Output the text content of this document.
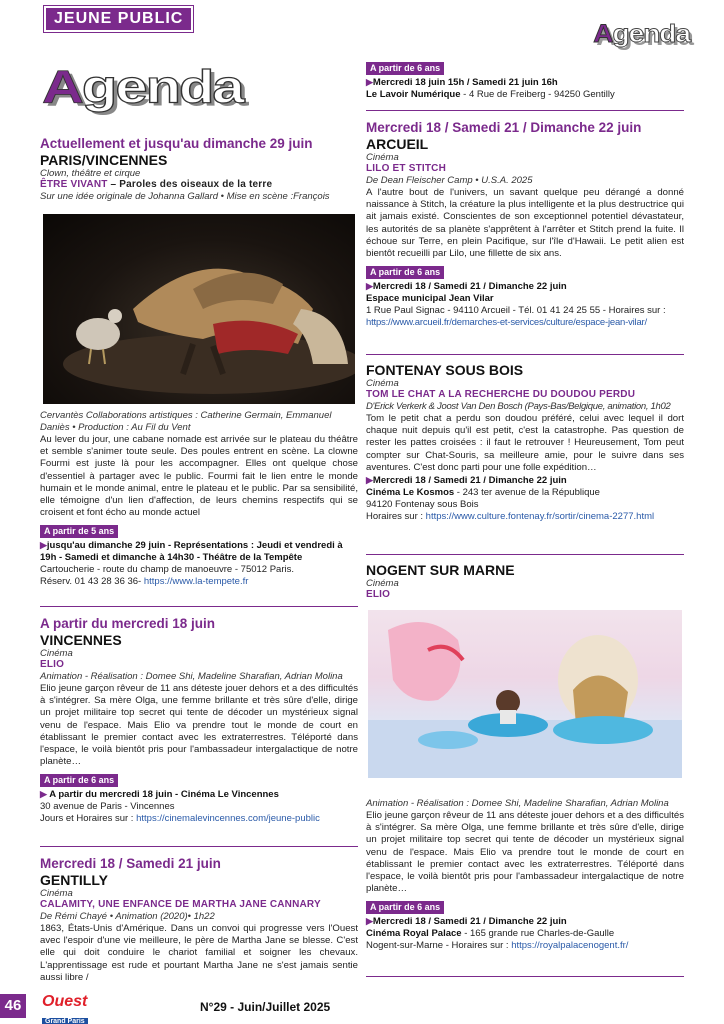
JEUNE PUBLIC
Agenda
Agenda
Actuellement et jusqu'au dimanche 29 juin
PARIS/VINCENNES
Clown, théâtre et cirque
ÊTRE VIVANT – Paroles des oiseaux de la terre
Sur une idée originale de Johanna Gallard • Mise en scène :François
Cervantès Collaborations artistiques : Catherine Germain, Emmanuel Daniès • Production : Au Fil du Vent
Au lever du jour, une cabane nomade est arrivée sur le plateau du théâtre et semble s'animer toute seule. Des poules entrent en scène. La clowne Fourmi est juste là pour les accompagner. Elles ont quelque chose d'essentiel à partager avec le public. Fourmi fait le lien entre le monde humain et le monde animal, entre le plateau et le public. Par sa sensibilité, elle témoigne d'un lien d'affection, de leurs chemins respectifs qui se croisent et font écho au monde actuel
A partir de 5 ans
▶jusqu'au dimanche 29 juin - Représentations : Jeudi et vendredi à 19h - Samedi et dimanche à 14h30 - Théâtre de la Tempête
Cartoucherie - route du champ de manoeuvre - 75012 Paris.
Réserv. 01 43 28 36 36- https://www.la-tempete.fr
A partir du mercredi 18 juin
VINCENNES
Cinéma
ELIO
Animation - Réalisation : Domee Shi, Madeline Sharafian, Adrian Molina
Elio jeune garçon rêveur de 11 ans déteste jouer dehors et a des difficultés à s'intégrer. Sa mère Olga, une femme brillante et très sûre d'elle, dirige un projet militaire top secret qui tente de décoder un mystérieux signal venu de l'espace. Mais Elio va prendre tout le monde de court en établissant le premier contact avec les extraterrestres. Téléporté dans l'espace, le voilà bientôt pris pour l'ambassadeur intergalactique de notre planète…
A partir de 6 ans
▶ A partir du mercredi 18 juin - Cinéma Le Vincennes
30 avenue de Paris - Vincennes
Jours et Horaires sur : https://cinemalevincennes.com/jeune-public
Mercredi 18 / Samedi 21 juin
GENTILLY
Cinéma
CALAMITY, UNE ENFANCE DE MARTHA JANE CANNARY
De Rémi Chayé • Animation (2020)• 1h22
1863, États-Unis d'Amérique. Dans un convoi qui progresse vers l'Ouest avec l'espoir d'une vie meilleure, le père de Martha Jane se blesse. C'est elle qui doit conduire le chariot familial et soigner les chevaux. L'apprentissage est rude et pourtant Martha Jane ne s'est jamais sentie aussi libre /
A partir de 6 ans
▶Mercredi 18 juin 15h / Samedi 21 juin 16h
Le Lavoir Numérique - 4 Rue de Freiberg - 94250 Gentilly
Mercredi 18 / Samedi 21 / Dimanche 22 juin
ARCUEIL
Cinéma
LILO ET STITCH
De Dean Fleischer Camp • U.S.A. 2025
A l'autre bout de l'univers, un savant quelque peu dérangé a donné naissance à Stitch, la créature la plus intelligente et la plus destructrice qui ait jamais existé. Conscientes de son exceptionnel potentiel dévastateur, les autorités de sa planète s'apprêtent à l'arrêter et Stitch prend la fuite. Il échoue sur Terre, en plein Pacifique, sur l'île d'Hawaii. Le petit alien est bientôt recueilli par Lilo, une fillette de six ans.
A partir de 6 ans
▶Mercredi 18 / Samedi 21 / Dimanche 22 juin
Espace municipal Jean Vilar
1 Rue Paul Signac - 94110 Arcueil - Tél. 01 41 24 25 55 - Horaires sur :
https://www.arcueil.fr/demarches-et-services/culture/espace-jean-vilar/
FONTENAY SOUS BOIS
Cinéma
TOM LE CHAT A LA RECHERCHE DU DOUDOU PERDU
D'Erick Verkerk & Joost Van Den Bosch (Pays-Bas/Belgique, animation, 1h02
Tom le petit chat a perdu son doudou préféré, celui avec lequel il dort chaque nuit depuis qu'il est petit, c'est la catastrophe. Pas question de rester les pattes croisées : il faut le retrouver ! Heureusement, Tom peut compter sur Chat-Souris, sa meilleure amie, pour le suivre dans ses aventures. C'est donc parti pour une folle expédition…
▶Mercredi 18 / Samedi 21 / Dimanche 22 juin
Cinéma Le Kosmos - 243 ter avenue de la République
94120 Fontenay sous Bois
Horaires sur : https://www.culture.fontenay.fr/sortir/cinema-2277.html
NOGENT SUR MARNE
Cinéma
ELIO
Animation - Réalisation : Domee Shi, Madeline Sharafian, Adrian Molina
Elio jeune garçon rêveur de 11 ans déteste jouer dehors et a des difficultés à s'intégrer. Sa mère Olga, une femme brillante et très sûre d'elle, dirige un projet militaire top secret qui tente de décoder un mystérieux signal venu de l'espace. Mais Elio va prendre tout le monde de court en établissant le premier contact avec les extraterrestres. Téléporté dans l'espace, le voilà bientôt pris pour l'ambassadeur intergalactique de notre planète…
A partir de 6 ans
▶Mercredi 18 / Samedi 21 / Dimanche 22 juin
Cinéma Royal Palace - 165 grande rue Charles-de-Gaulle
Nogent-sur-Marne - Horaires sur : https://royalpalacenogent.fr/
46 Ouest
Grand Paris
N°29 - Juin/Juillet 2025
